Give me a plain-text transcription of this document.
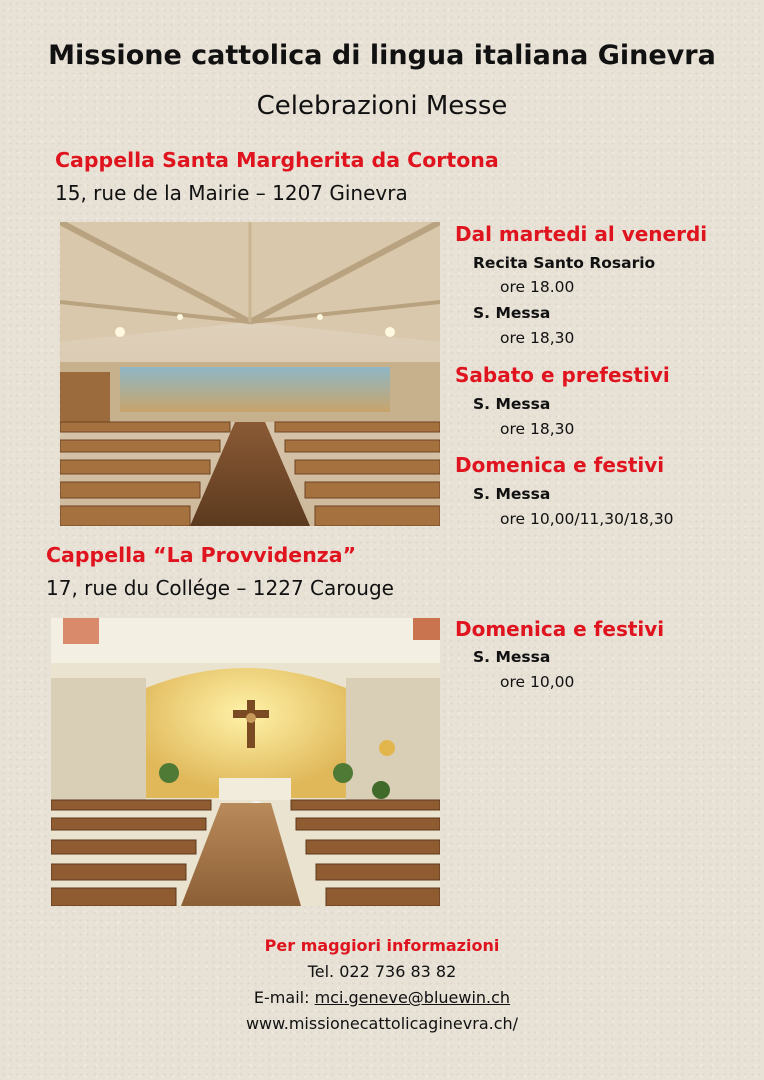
Missione cattolica di lingua italiana Ginevra
Celebrazioni Messe
Cappella Santa Margherita da Cortona
15, rue de la Mairie – 1207 Ginevra
Dal martedi al venerdi
Recita Santo Rosario
ore 18.00
S. Messa
ore 18,30
Sabato e prefestivi
S. Messa
ore 18,30
Domenica e festivi
S. Messa
ore 10,00/11,30/18,30
Cappella “La Provvidenza”
17, rue du Collége – 1227 Carouge
Domenica e festivi
S. Messa
ore 10,00
Per maggiori informazioni
Tel. 022 736 83 82
E-mail: mci.geneve@bluewin.ch
www.missionecattolicaginevra.ch/
